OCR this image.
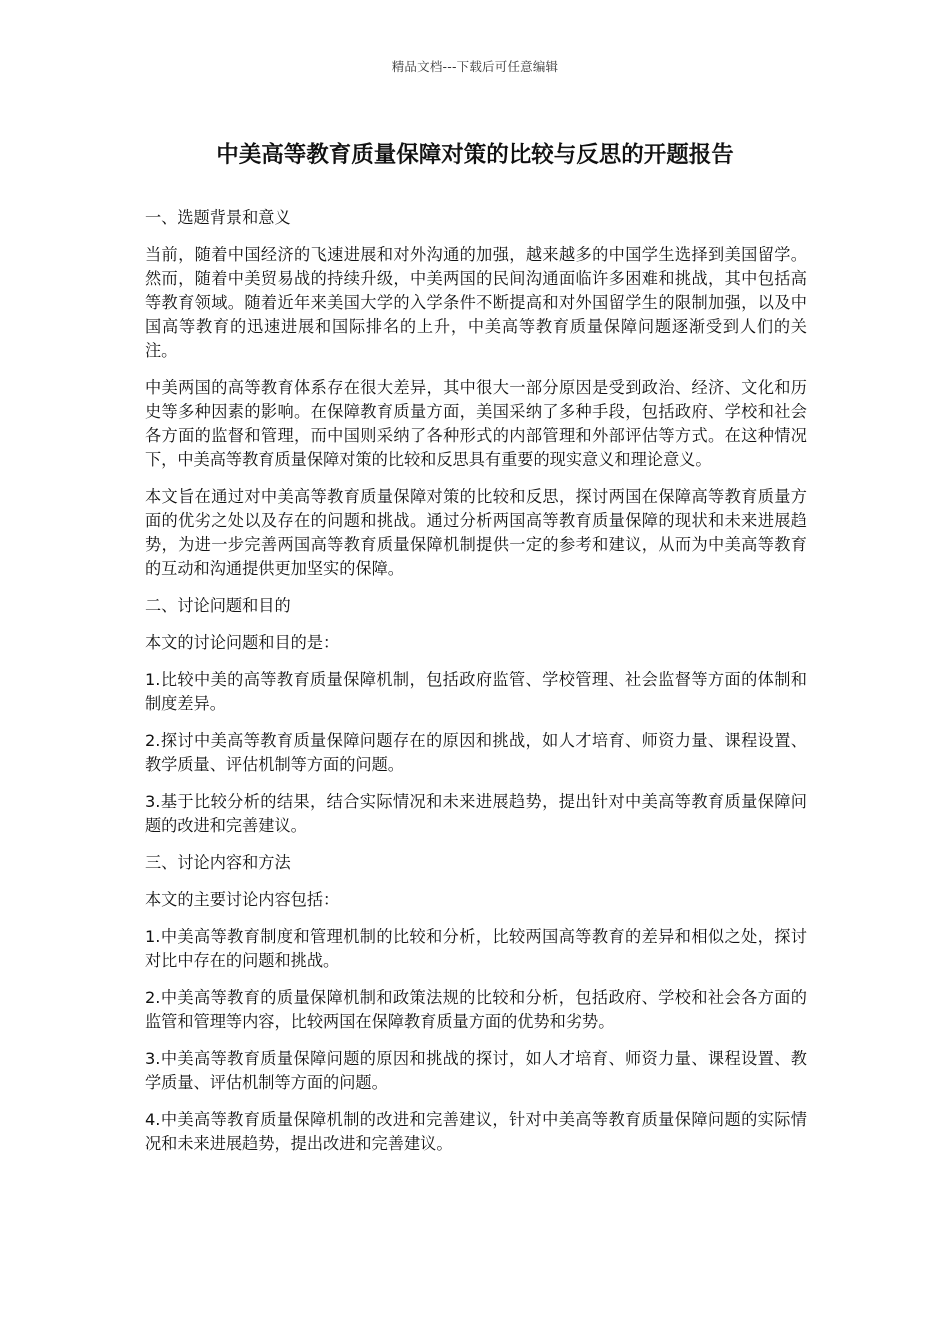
精品文档---下载后可任意编辑
中美高等教育质量保障对策的比较与反思的开题报告
一、选题背景和意义

当前，随着中国经济的飞速进展和对外沟通的加强，越来越多的中国学生选择到美国留学。然而，随着中美贸易战的持续升级，中美两国的民间沟通面临许多困难和挑战，其中包括高等教育领域。随着近年来美国大学的入学条件不断提高和对外国留学生的限制加强，以及中国高等教育的迅速进展和国际排名的上升，中美高等教育质量保障问题逐渐受到人们的关注。

中美两国的高等教育体系存在很大差异，其中很大一部分原因是受到政治、经济、文化和历史等多种因素的影响。在保障教育质量方面，美国采纳了多种手段，包括政府、学校和社会各方面的监督和管理，而中国则采纳了各种形式的内部管理和外部评估等方式。在这种情况下，中美高等教育质量保障对策的比较和反思具有重要的现实意义和理论意义。

本文旨在通过对中美高等教育质量保障对策的比较和反思，探讨两国在保障高等教育质量方面的优劣之处以及存在的问题和挑战。通过分析两国高等教育质量保障的现状和未来进展趋势，为进一步完善两国高等教育质量保障机制提供一定的参考和建议，从而为中美高等教育的互动和沟通提供更加坚实的保障。

二、讨论问题和目的

本文的讨论问题和目的是：

1.比较中美的高等教育质量保障机制，包括政府监管、学校管理、社会监督等方面的体制和制度差异。

2.探讨中美高等教育质量保障问题存在的原因和挑战，如人才培育、师资力量、课程设置、教学质量、评估机制等方面的问题。

3.基于比较分析的结果，结合实际情况和未来进展趋势，提出针对中美高等教育质量保障问题的改进和完善建议。

三、讨论内容和方法

本文的主要讨论内容包括：

1.中美高等教育制度和管理机制的比较和分析，比较两国高等教育的差异和相似之处，探讨对比中存在的问题和挑战。

2.中美高等教育的质量保障机制和政策法规的比较和分析，包括政府、学校和社会各方面的监管和管理等内容，比较两国在保障教育质量方面的优势和劣势。

3.中美高等教育质量保障问题的原因和挑战的探讨，如人才培育、师资力量、课程设置、教学质量、评估机制等方面的问题。

4.中美高等教育质量保障机制的改进和完善建议，针对中美高等教育质量保障问题的实际情况和未来进展趋势，提出改进和完善建议。
